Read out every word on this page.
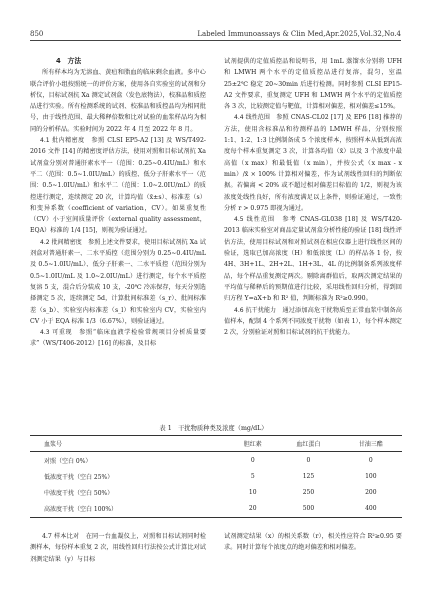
850	Labeled Immunoassays & Clin Med,Apr.2025,Vol.32,No.4

4　方法

所有样本均为无溶血、黄疸和脂血的临床剩余血液。多中心联合评价小组按照统一的评价方案，使用各自实验室的试剂和分析仪，目标试剂抗 Xa 测定试剂盒（发色底物法），校准品和质控品进行实验。所有检测系统的试剂、校准品和质控品均为相同批号，由于线性范围、最大稀释倍数和比对试验的血浆样品均为相同的分析样品。实验时间为 2022 年 4 月至 2022 年 8 月。

4.1 批内精密度　 参照 CLSI EP5-A2 [13] 及 WS/T492-2016 文件 [14] 的精密度评估方法，使用对照和目标试剂抗 Xa 试剂盒分别对普通肝素水平一（范围：0.25~0.4IU/mL）和水平二（范围：0.5~1.0IU/mL）的质控、低分子肝素水平一（范围：0.5~1.0IU/mL）和水平二（范围：1.0~2.0IU/mL）的质控进行测定，连续测定 20 次，计算均值（x̄±s）、标准差（s）和变异系数（coefficient of variation，CV）。如果重复性（CV）小于室间质量评价（external quality assessment，EQA）标准的 1/4 [15]，则视为验证通过。

4.2 批间精密度　 参照上述文件要求，使用目标试剂抗 Xa 试剂盒对普通肝素一、二水平质控（范围分别为 0.25~0.4IU/mL 及 0.5~1.0IU/mL）、低分子肝素一、二水平质控（范围分别为 0.5~1.0IU/mL 及 1.0~2.0IU/mL）进行测定，每个水平质控复溶 5 支，混合后分装成 10 支，-20℃ 冷冻保存，每天分别选择测定 5 次，连续测定 5d，计算批间标准差（s_r）、批间标准差（s_b）、实验室内标准差（s_l）和实验室内 CV，实验室内 CV 小于 EQA 标准 1/3（6.67%），则验证通过。

4.3 可重现　 参照“临床血液学检验常规项目分析质量要求”（WS/T406-2012）[16] 的标准，及目标

试剂提供的定值质控品和说明书，用 1mL 蒸馏水分别将 UFH 和 LMWH 两个水平的定值质控品进行复溶，混匀，室温 25±2℃ 稳定 20~30min 后进行检测。同时参照 CLSI EP15-A2 文件要求，重复测定 UFH 和 LMWH 两个水平的定值质控各 3 次，比较测定值与靶值，计算相对偏差，相对偏差≤15%。

4.4 线性范围　 参照 CNAS-CL02 [17] 及 EP6 [18] 推荐的方法，使用含标准品和待测样品的 LMWH 样品，分别按照 1:1、1:2、1:3 比例制备成 5 个浓度样本，按照样本从低到高浓度每个样本重复测定 3 次，计算各均值（x̄）以及 3 个浓度中最高值（x max）和最低值（x min），并按公式（x max - x min）/x̄ × 100% 计算相对偏差，作为试剂线性回归的判断依据。若偏离 < 20% 或不超过相对偏差目标值的 1/2，则视为该浓度处线性良好，所有浓度满足以上条件，则验证通过，一致性分析 r > 0.975 即视为通过。

4.5 线性范围　 参考 CNAS-GL038 [18] 及 WS/T420-2013 临床实验室对商品定量试剂盒分析性能的验证 [18] 线性评估方法，使用目标试剂和对照试剂在相应仪器上进行线性区间的验证，选取已加高浓度（H）和低浓度（L）的样品各 1 份，按 4H、3H+1L、2H+2L、1H+3L、4L 的比例制备系列浓度样品，每个样品重复测定两次。剔除离群值后，取两次测定结果的平均值与稀释后的预期值进行比较，采用线性回归分析，得到回归方程 Y=aX+b 和 R² 值，判断标准为 R²≥0.990。

4.6 抗干扰能力　 通过添加高危干扰物质至正常血浆中制备高值样本，配制 4 个系列不同浓度干扰物（如表 1），每个样本测定 2 次，分别验证对照和目标试剂的抗干扰能力。

表 1　干扰物质种类及浓度（mg/dL）
血浆号	胆红素	血红蛋白	甘油三酯
对照（空白 0%）	0	0	0
低浓度干扰（空白 25%）	5	125	100
中浓度干扰（空白 50%）	10	250	200
高浓度干扰（空白 100%）	20	500	400

4.7 样本比对　 在同一台血凝仪上，对照和目标试剂同时检测样本，每份样本重复 2 次，用线性回归行法按公式计算比对试剂测定结果（y）与目标

试剂测定结果（x）的相关系数（r），相关性应符合 R²≥0.95 要求。同时计算每个浓度点的绝对偏差和相对偏差。
